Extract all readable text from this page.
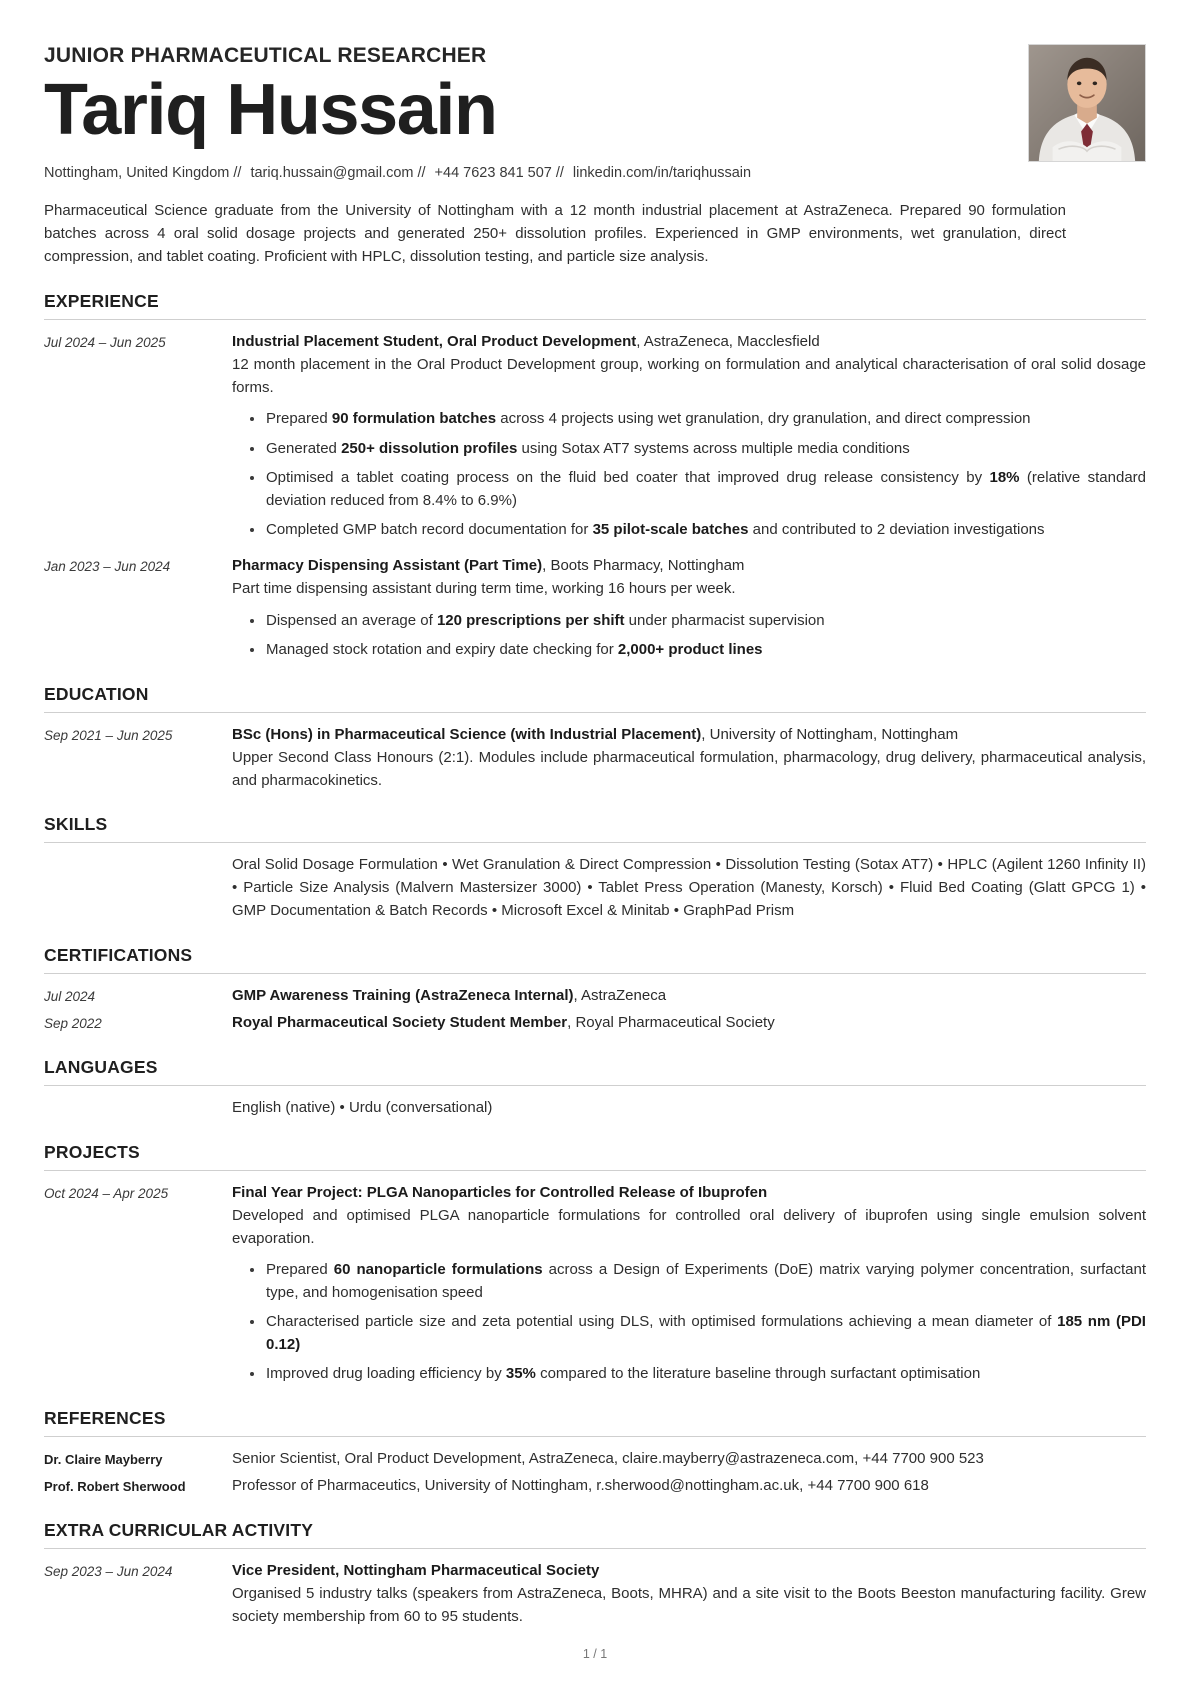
JUNIOR PHARMACEUTICAL RESEARCHER
Tariq Hussain
Nottingham, United Kingdom // tariq.hussain@gmail.com // +44 7623 841 507 // linkedin.com/in/tariqhussain

Pharmaceutical Science graduate from the University of Nottingham with a 12 month industrial placement at AstraZeneca. Prepared 90 formulation batches across 4 oral solid dosage projects and generated 250+ dissolution profiles. Experienced in GMP environments, wet granulation, direct compression, and tablet coating. Proficient with HPLC, dissolution testing, and particle size analysis.

EXPERIENCE
Jul 2024 – Jun 2025	Industrial Placement Student, Oral Product Development, AstraZeneca, Macclesfield
12 month placement in the Oral Product Development group, working on formulation and analytical characterisation of oral solid dosage forms.
Prepared 90 formulation batches across 4 projects using wet granulation, dry granulation, and direct compression
Generated 250+ dissolution profiles using Sotax AT7 systems across multiple media conditions
Optimised a tablet coating process on the fluid bed coater that improved drug release consistency by 18% (relative standard deviation reduced from 8.4% to 6.9%)
Completed GMP batch record documentation for 35 pilot-scale batches and contributed to 2 deviation investigations
Jan 2023 – Jun 2024	Pharmacy Dispensing Assistant (Part Time), Boots Pharmacy, Nottingham
Part time dispensing assistant during term time, working 16 hours per week.
Dispensed an average of 120 prescriptions per shift under pharmacist supervision
Managed stock rotation and expiry date checking for 2,000+ product lines
EDUCATION
Sep 2021 – Jun 2025	BSc (Hons) in Pharmaceutical Science (with Industrial Placement), University of Nottingham, Nottingham
Upper Second Class Honours (2:1). Modules include pharmaceutical formulation, pharmacology, drug delivery, pharmaceutical analysis, and pharmacokinetics.
SKILLS
Oral Solid Dosage Formulation • Wet Granulation & Direct Compression • Dissolution Testing (Sotax AT7) • HPLC (Agilent 1260 Infinity II) • Particle Size Analysis (Malvern Mastersizer 3000) • Tablet Press Operation (Manesty, Korsch) • Fluid Bed Coating (Glatt GPCG 1) • GMP Documentation & Batch Records • Microsoft Excel & Minitab • GraphPad Prism
CERTIFICATIONS
Jul 2024	GMP Awareness Training (AstraZeneca Internal), AstraZeneca
Sep 2022	Royal Pharmaceutical Society Student Member, Royal Pharmaceutical Society
LANGUAGES
English (native) • Urdu (conversational)
PROJECTS
Oct 2024 – Apr 2025	Final Year Project: PLGA Nanoparticles for Controlled Release of Ibuprofen
Developed and optimised PLGA nanoparticle formulations for controlled oral delivery of ibuprofen using single emulsion solvent evaporation.
Prepared 60 nanoparticle formulations across a Design of Experiments (DoE) matrix varying polymer concentration, surfactant type, and homogenisation speed
Characterised particle size and zeta potential using DLS, with optimised formulations achieving a mean diameter of 185 nm (PDI 0.12)
Improved drug loading efficiency by 35% compared to the literature baseline through surfactant optimisation
REFERENCES
Dr. Claire Mayberry	Senior Scientist, Oral Product Development, AstraZeneca, claire.mayberry@astrazeneca.com, +44 7700 900 523
Prof. Robert Sherwood	Professor of Pharmaceutics, University of Nottingham, r.sherwood@nottingham.ac.uk, +44 7700 900 618
EXTRA CURRICULAR ACTIVITY
Sep 2023 – Jun 2024	Vice President, Nottingham Pharmaceutical Society
Organised 5 industry talks (speakers from AstraZeneca, Boots, MHRA) and a site visit to the Boots Beeston manufacturing facility. Grew society membership from 60 to 95 students.
1 / 1
